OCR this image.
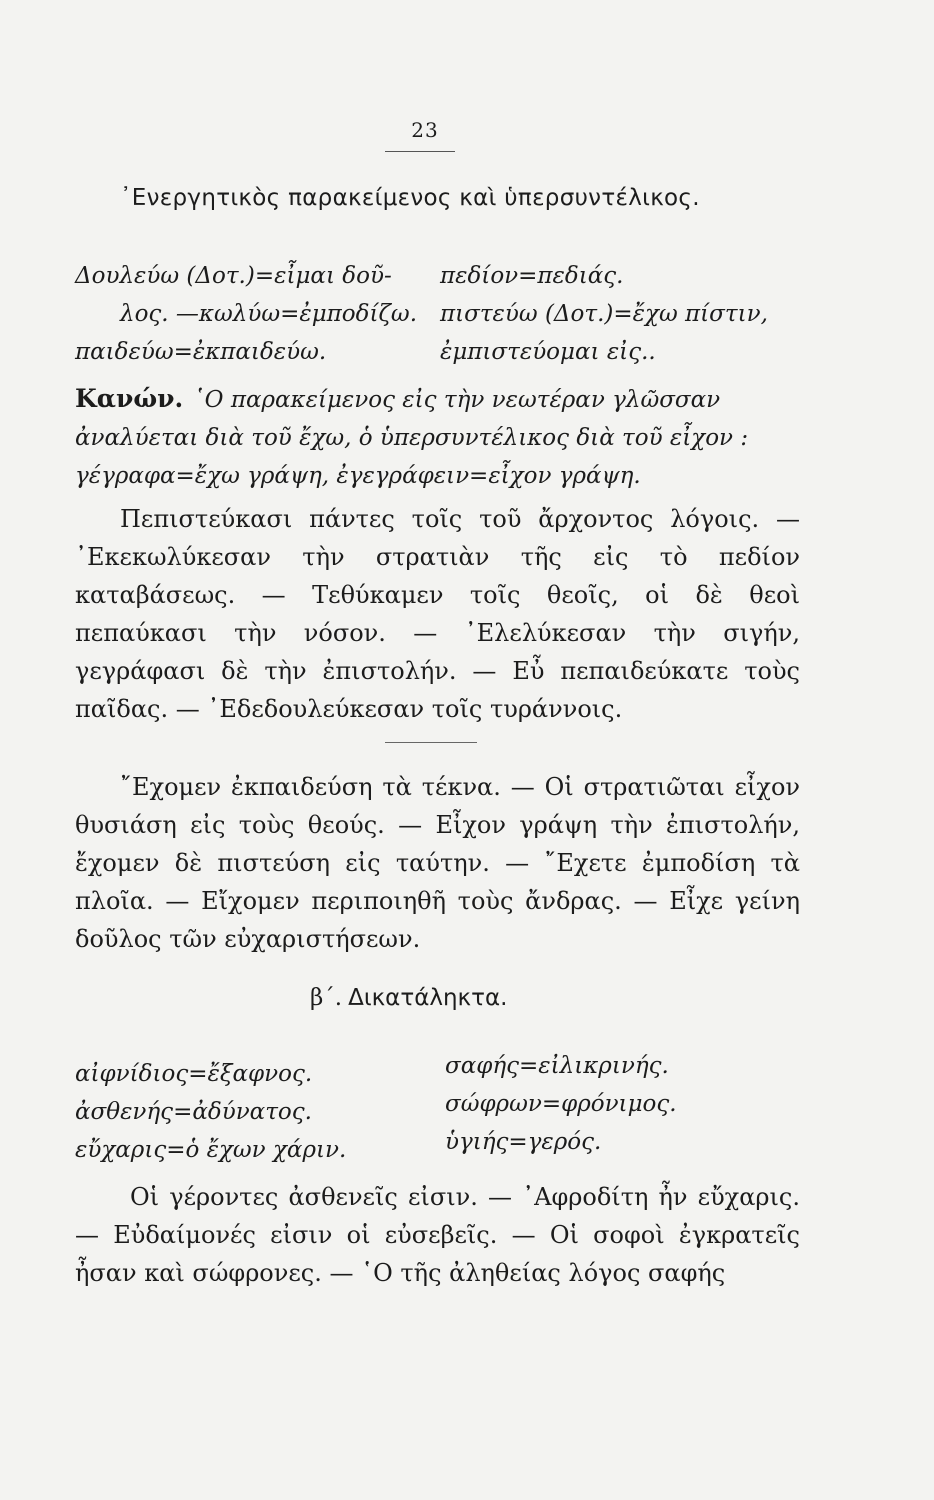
23
᾿Ενεργητικὸς παρακείμενος καὶ ὑπερσυντέλικος.
Δουλεύω (Δοτ.)=εἶμαι δοῦ-
λος. —κωλύω=ἐμποδίζω.
παιδεύω=ἐκπαιδεύω.
πεδίον=πεδιάς.
πιστεύω (Δοτ.)=ἔχω πίστιν,
ἐμπιστεύομαι εἰς..
Κανών. ῾Ο παρακείμενος εἰς τὴν νεωτέραν γλῶσσαν ἀναλύεται διὰ τοῦ ἔχω, ὁ ὑπερσυντέλικος διὰ τοῦ εἶχον : γέγραφα=ἔχω γράψη, ἐγεγράφειν=εἶχον γράψη.
Πεπιστεύκασι πάντες τοῖς τοῦ ἄρχοντος λόγοις. — ᾿Εκεκωλύκεσαν τὴν στρατιὰν τῆς εἰς τὸ πεδίον καταβάσεως. — Τεθύκαμεν τοῖς θεοῖς, οἱ δὲ θεοὶ πεπαύκασι τὴν νόσον. — ᾿Ελελύκεσαν τὴν σιγήν, γεγράφασι δὲ τὴν ἐπιστολήν. — Εὖ πεπαιδεύκατε τοὺς παῖδας. — ᾿Εδεδουλεύκεσαν τοῖς τυράννοις.
῎Εχομεν ἐκπαιδεύση τὰ τέκνα. — Οἱ στρατιῶται εἶχον θυσιάση εἰς τοὺς θεούς. — Εἶχον γράψη τὴν ἐπιστολήν, ἔχομεν δὲ πιστεύση εἰς ταύτην. — ῎Εχετε ἐμποδίση τὰ πλοῖα. — Εἴχομεν περιποιηθῆ τοὺς ἄνδρας. — Εἶχε γείνη δοῦλος τῶν εὐχαριστήσεων.
β΄. Δικατάληκτα.
αἰφνίδιος=ἔξαφνος.
ἀσθενής=ἀδύνατος.
εὔχαρις=ὁ ἔχων χάριν.
σαφής=εἰλικρινής.
σώφρων=φρόνιμος.
ὑγιής=γερός.
Οἱ γέροντες ἀσθενεῖς εἰσιν. — ᾿Αφροδίτη ἦν εὔχαρις. — Εὐδαίμονές εἰσιν οἱ εὐσεβεῖς. — Οἱ σοφοὶ ἐγκρατεῖς ἦσαν καὶ σώφρονες. — ῾Ο τῆς ἀληθείας λόγος σαφής
